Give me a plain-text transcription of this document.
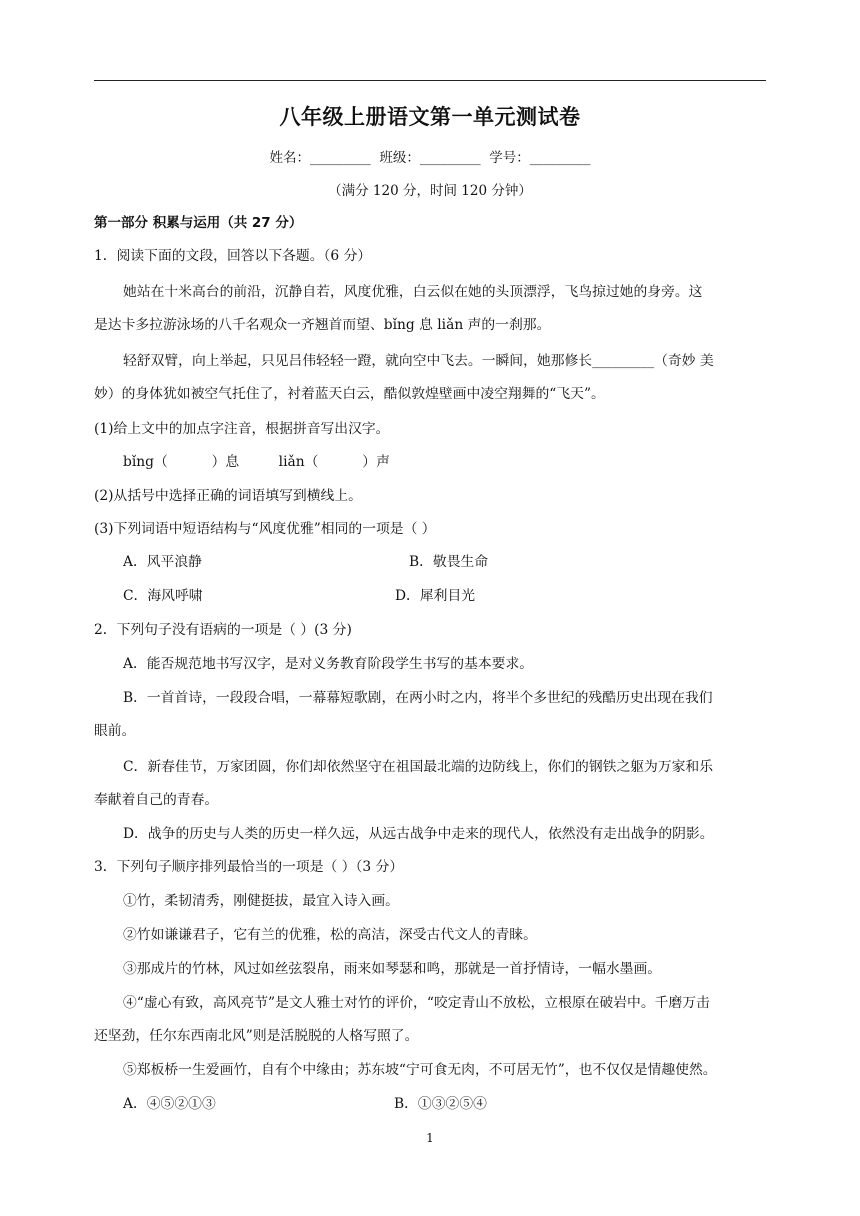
八年级上册语文第一单元测试卷
姓名：_________  班级：_________  学号：_________
（满分 120 分，时间 120 分钟）
第一部分 积累与运用（共 27 分）
1．阅读下面的文段，回答以下各题。（6 分）
她站在十米高台的前沿，沉静自若，风度优雅，白云似在她的头顶漂浮，飞鸟掠过她的身旁。这
是达卡多拉游泳场的八千名观众一齐翘首而望、bǐng 息 liǎn 声的一刹那。
轻舒双臂，向上举起，只见吕伟轻轻一蹬，就向空中飞去。一瞬间，她那修长_________（奇妙 美
妙）的身体犹如被空气托住了，衬着蓝天白云，酷似敦煌壁画中凌空翔舞的“飞天”。
(1)给上文中的加点字注音，根据拼音写出汉字。
bǐng（          ）息         liǎn（          ）声
(2)从括号中选择正确的词语填写到横线上。
(3)下列词语中短语结构与“风度优雅”相同的一项是（ ）
A．风平浪静	B．敬畏生命
C．海风呼啸	D．犀利目光
2．下列句子没有语病的一项是（ ）(3 分)
A．能否规范地书写汉字，是对义务教育阶段学生书写的基本要求。
B．一首首诗，一段段合唱，一幕幕短歌剧，在两小时之内，将半个多世纪的残酷历史出现在我们
眼前。
C．新春佳节，万家团圆，你们却依然坚守在祖国最北端的边防线上，你们的钢铁之躯为万家和乐
奉献着自己的青春。
D．战争的历史与人类的历史一样久远，从远古战争中走来的现代人，依然没有走出战争的阴影。
3．下列句子顺序排列最恰当的一项是（ ）（3 分）
①竹，柔韧清秀，刚健挺拔，最宜入诗入画。
②竹如谦谦君子，它有兰的优雅，松的高洁，深受古代文人的青睐。
③那成片的竹林，风过如丝弦裂帛，雨来如琴瑟和鸣，那就是一首抒情诗，一幅水墨画。
④“虚心有致，高风亮节”是文人雅士对竹的评价，“咬定青山不放松，立根原在破岩中。千磨万击
还坚劲，任尔东西南北风”则是活脱脱的人格写照了。
⑤郑板桥一生爱画竹，自有个中缘由；苏东坡“宁可食无肉，不可居无竹”，也不仅仅是情趣使然。
A．④⑤②①③	B．①③②⑤④
1
